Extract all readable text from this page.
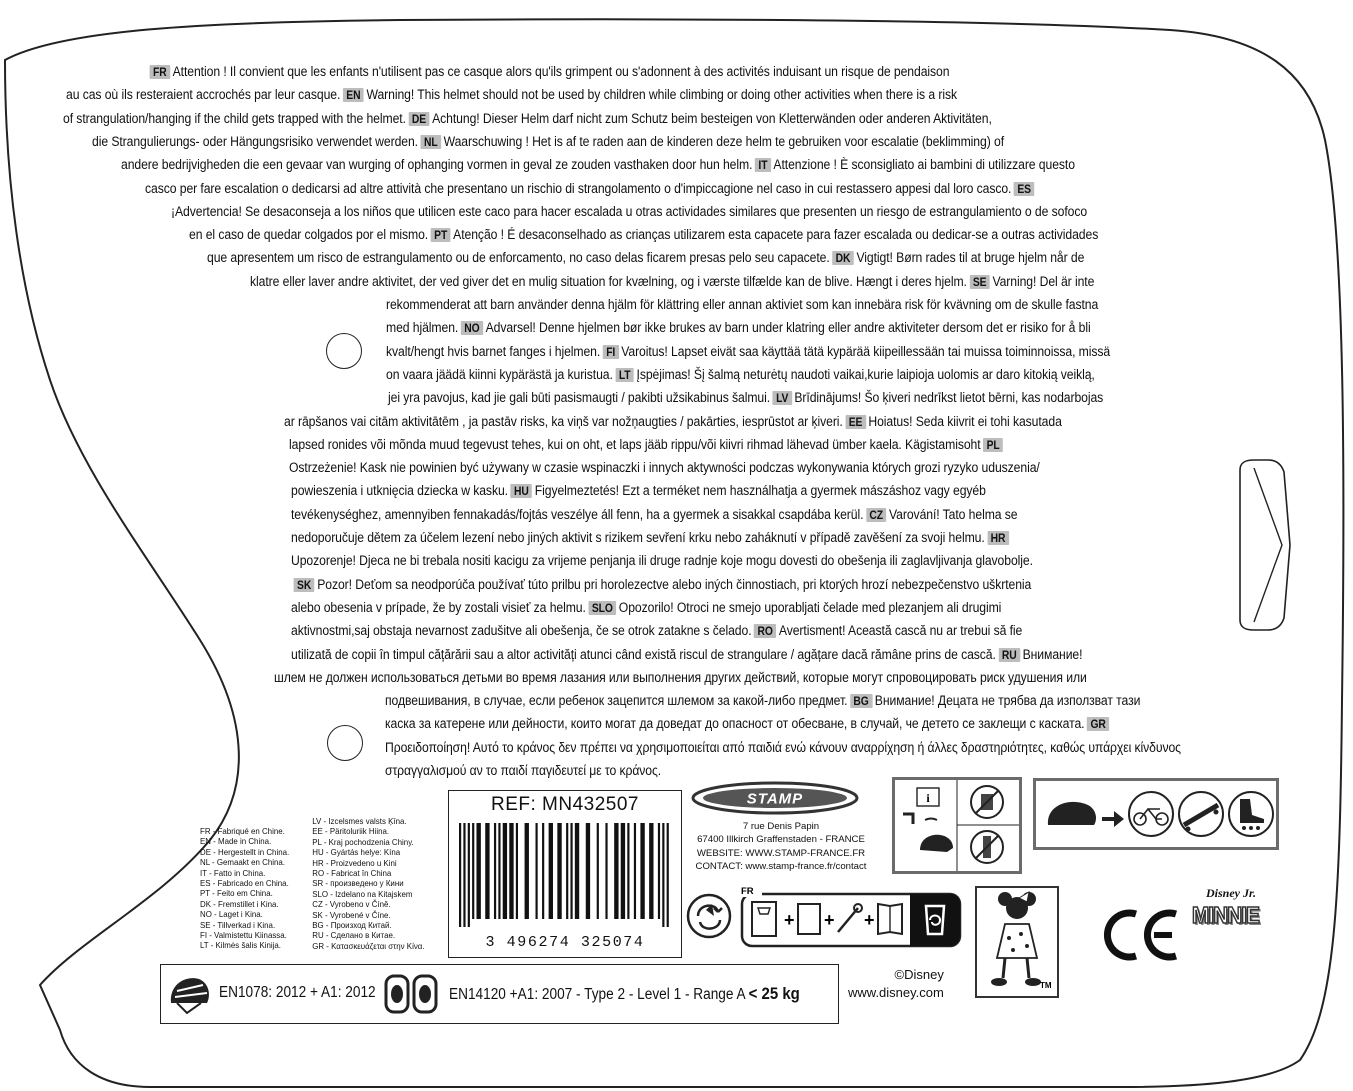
FR Attention ! Il convient que les enfants n'utilisent pas ce casque alors qu'ils grimpent ou s'adonnent à des activités induisant un risque de pendaison
au cas où ils resteraient accrochés par leur casque. EN Warning! This helmet should not be used by children while climbing or doing other activities when there is a risk
of strangulation/hanging if the child gets trapped with the helmet. DE Achtung! Dieser Helm darf nicht zum Schutz beim besteigen von Kletterwänden oder anderen Aktivitäten,
die Strangulierungs- oder Hängungsrisiko verwendet werden. NL Waarschuwing ! Het is af te raden aan de kinderen deze helm te gebruiken voor escalatie (beklimming) of
andere bedrijvigheden die een gevaar van wurging of ophanging vormen in geval ze zouden vasthaken door hun helm. IT Attenzione ! È sconsigliato ai bambini di utilizzare questo
casco per fare escalation o dedicarsi ad altre attività che presentano un rischio di strangolamento o d'impiccagione nel caso in cui restassero appesi dal loro casco. ES
¡Advertencia! Se desaconseja a los niños que utilicen este caco para hacer escalada u otras actividades similares que presenten un riesgo de estrangulamiento o de sofoco
en el caso de quedar colgados por el mismo. PT Atenção ! É desaconselhado as crianças utilizarem esta capacete para fazer escalada ou dedicar-se a outras actividades
que apresentem um risco de estrangulamento ou de enforcamento, no caso delas ficarem presas pelo seu capacete. DK Vigtigt! Børn rades til at bruge hjelm når de
klatre eller laver andre aktivitet, der ved giver det en mulig situation for kvælning, og i værste tilfælde kan de blive. Hængt i deres hjelm. SE Varning! Del är inte
rekommenderat att barn använder denna hjälm för klättring eller annan aktiviet som kan innebära risk för kvävning om de skulle fastna
med hjälmen. NO Advarsel! Denne hjelmen bør ikke brukes av barn under klatring eller andre aktiviteter dersom det er risiko for å bli
kvalt/hengt hvis barnet fanges i hjelmen. FI Varoitus! Lapset eivät saa käyttää tätä kypärää kiipeillessään tai muissa toiminnoissa, missä
on vaara jäädä kiinni kypärästä ja kuristua. LT Įspėjimas! Šį šalmą neturėtų naudoti vaikai,kurie laipioja uolomis ar daro kitokią veiklą,
jei yra pavojus, kad jie gali būti pasismaugti / pakibti užsikabinus šalmui. LV Brīdinājums! Šo ķiveri nedrīkst lietot bērni, kas nodarbojas
ar rāpšanos vai citām aktivitātēm , ja pastāv risks, ka viņš var nožņaugties / pakārties, iesprūstot ar ķiveri. EE Hoiatus! Seda kiivrit ei tohi kasutada
lapsed ronides või mõnda muud tegevust tehes, kui on oht, et laps jääb rippu/või kiivri rihmad lähevad ümber kaela. Kägistamisoht PL
Ostrzeżenie! Kask nie powinien być używany w czasie wspinaczki i innych aktywności podczas wykonywania których grozi ryzyko uduszenia/
powieszenia i utknięcia dziecka w kasku. HU Figyelmeztetés! Ezt a terméket nem használhatja a gyermek mászáshoz vagy egyéb
tevékenységhez, amennyiben fennakadás/fojtás veszélye áll fenn, ha a gyermek a sisakkal csapdába kerül. CZ Varování! Tato helma se
nedoporučuje dětem za účelem lezení nebo jiných aktivit s rizikem sevření krku nebo zaháknutí v případě zavěšení za svoji helmu. HR
Upozorenje! Djeca ne bi trebala nositi kacigu za vrijeme penjanja ili druge radnje koje mogu dovesti do obešenja ili zaglavljivanja glavobolje.
SK Pozor! Deťom sa neodporúča používať túto prilbu pri horolezectve alebo iných činnostiach, pri ktorých hrozí nebezpečenstvo uškrtenia
alebo obesenia v prípade, že by zostali visieť za helmu. SLO Opozorilo! Otroci ne smejo uporabljati čelade med plezanjem ali drugimi
aktivnostmi,saj obstaja nevarnost zadušitve ali obešenja, če se otrok zatakne s čelado. RO Avertisment! Această cască nu ar trebui să fie
utilizată de copii în timpul cățărării sau a altor activități atunci când există riscul de strangulare / agățare dacă rămâne prins de cască. RU Внимание!
шлем не должен использоваться детьми во время лазания или выполнения других действий, которые могут спровоцировать риск удушения или
подвешивания, в случае, если ребенок зацепится шлемом за какой-либо предмет. BG Внимание! Децата не трябва да използват тази
каска за катерене или дейности, които могат да доведат до опасност от обесване, в случай, че детето се заклещи с каската. GR
Προειδοποίηση! Αυτό το κράνος δεν πρέπει να χρησιμοποιείται από παιδιά ενώ κάνουν αναρρίχηση ή άλλες δραστηριότητες, καθώς υπάρχει κίνδυνος
στραγγαλισμού αν το παιδί παγιδευτεί με το κράνος.
FR - Fabriqué en Chine.
EN - Made in China.
DE - Hergestellt in China.
NL - Gemaakt en China.
IT - Fatto in China.
ES - Fabricado en China.
PT - Feito em China.
DK - Fremstillet i Kina.
NO - Laget i Kina.
SE - Tillverkad i Kina.
FI - Valmistettu Kiinassa.
LT - Kilmės šalis Kinija.
LV - Izcelsmes valsts Ķīna.
EE - Päritoluriik Hiina.
PL - Kraj pochodzenia Chiny.
HU - Gyártás helye: Kína
HR - Proizvedeno u Kini
RO - Fabricat în China
SR - произведено у Кини
SLO - Izdelano na Kitajskem
CZ - Vyrobeno v Číně.
SK - Vyrobené v Číne.
BG - Произход Китай.
RU - Сделано в Китае.
GR - Κατασκευάζεται στην Κίνα.
REF: MN432507
3 496274 325074
STAMP
7 rue Denis Papin
67400 Illkirch Graffenstaden - FRANCE
WEBSITE: WWW.STAMP-FRANCE.FR
CONTACT: www.stamp-france.fr/contact
i
FR
+ + +
TM
Disney Jr.
MINNIE
EN1078: 2012 + A1: 2012	EN14120 +A1: 2007 - Type 2 - Level 1 - Range A < 25 kg
©Disney
www.disney.com
